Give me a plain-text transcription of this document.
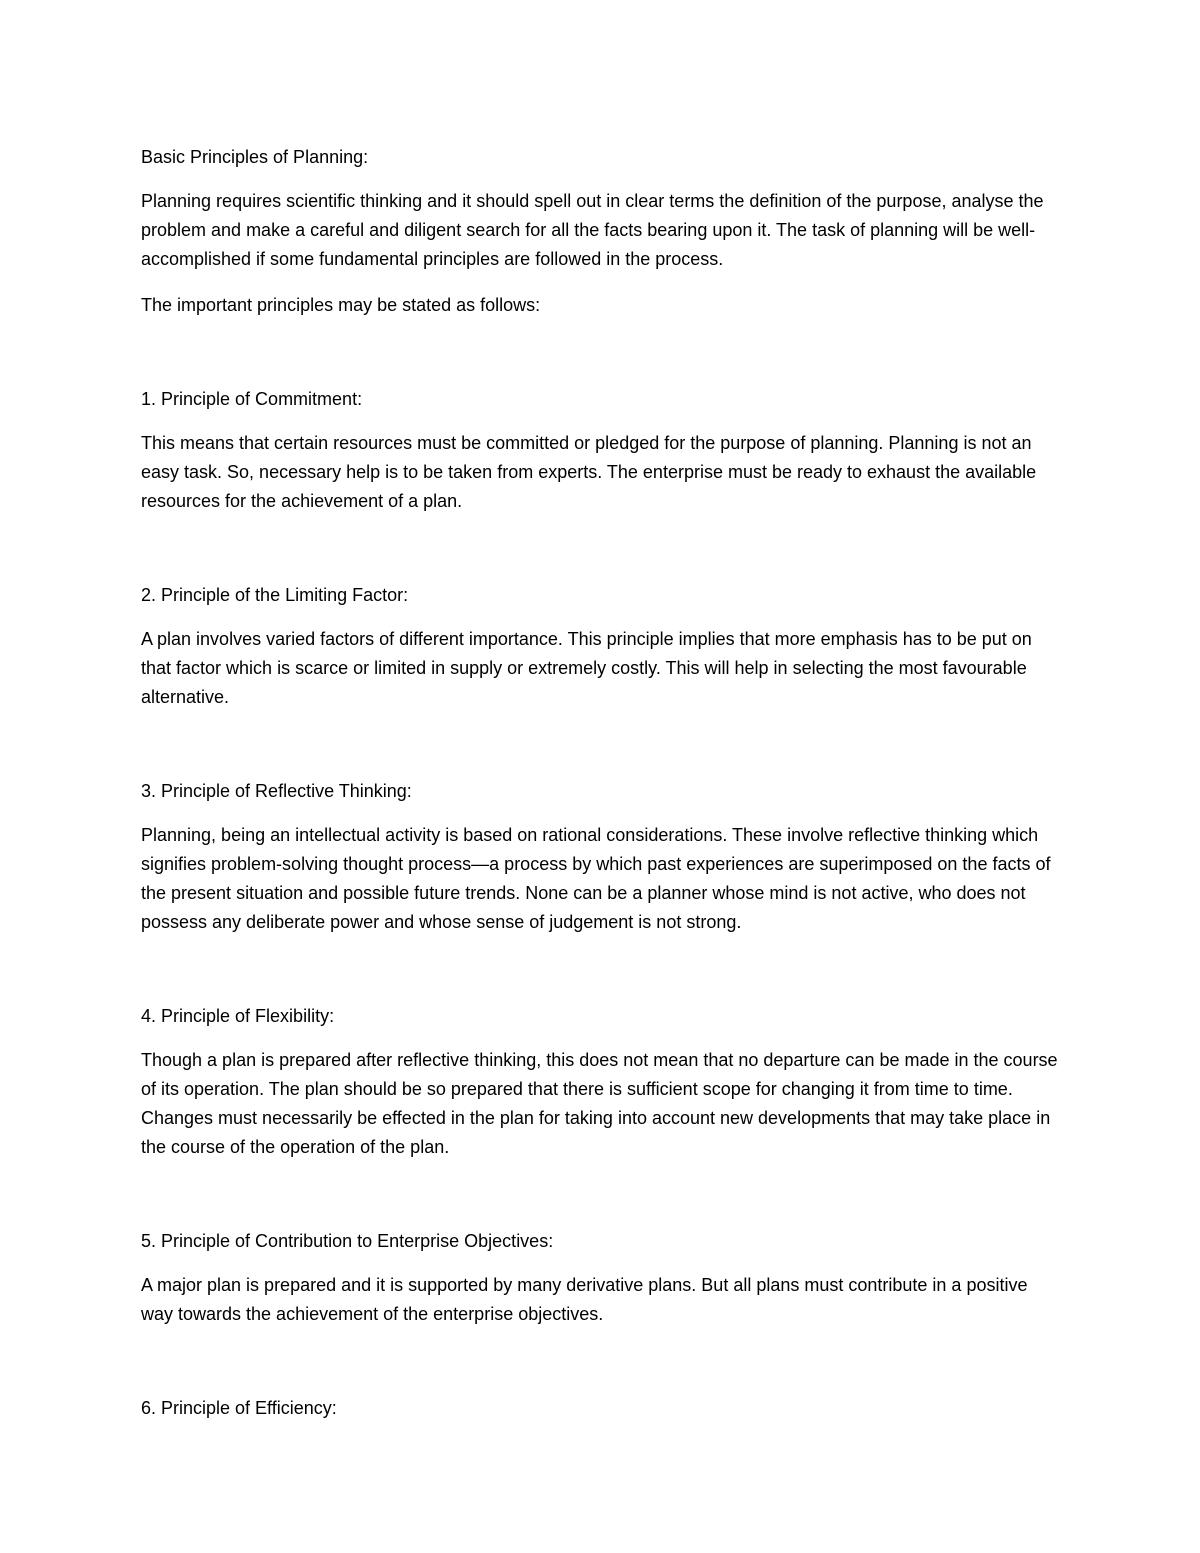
Basic Principles of Planning:

Planning requires scientific thinking and it should spell out in clear terms the definition of the purpose, analyse the problem and make a careful and diligent search for all the facts bearing upon it. The task of planning will be well-accomplished if some fundamental principles are followed in the process.

The important principles may be stated as follows:

1. Principle of Commitment:

This means that certain resources must be committed or pledged for the purpose of planning. Planning is not an easy task. So, necessary help is to be taken from experts. The enterprise must be ready to exhaust the available resources for the achievement of a plan.

2. Principle of the Limiting Factor:

A plan involves varied factors of different importance. This principle implies that more emphasis has to be put on that factor which is scarce or limited in supply or extremely costly. This will help in selecting the most favourable alternative.

3. Principle of Reflective Thinking:

Planning, being an intellectual activity is based on rational considerations. These involve reflective thinking which signifies problem-solving thought process—a process by which past experiences are superimposed on the facts of the present situation and possible future trends. None can be a planner whose mind is not active, who does not possess any deliberate power and whose sense of judgement is not strong.

4. Principle of Flexibility:

Though a plan is prepared after reflective thinking, this does not mean that no departure can be made in the course of its operation. The plan should be so prepared that there is sufficient scope for changing it from time to time. Changes must necessarily be effected in the plan for taking into account new developments that may take place in the course of the operation of the plan.

5. Principle of Contribution to Enterprise Objectives:

A major plan is prepared and it is supported by many derivative plans. But all plans must contribute in a positive way towards the achievement of the enterprise objectives.

6. Principle of Efficiency:
